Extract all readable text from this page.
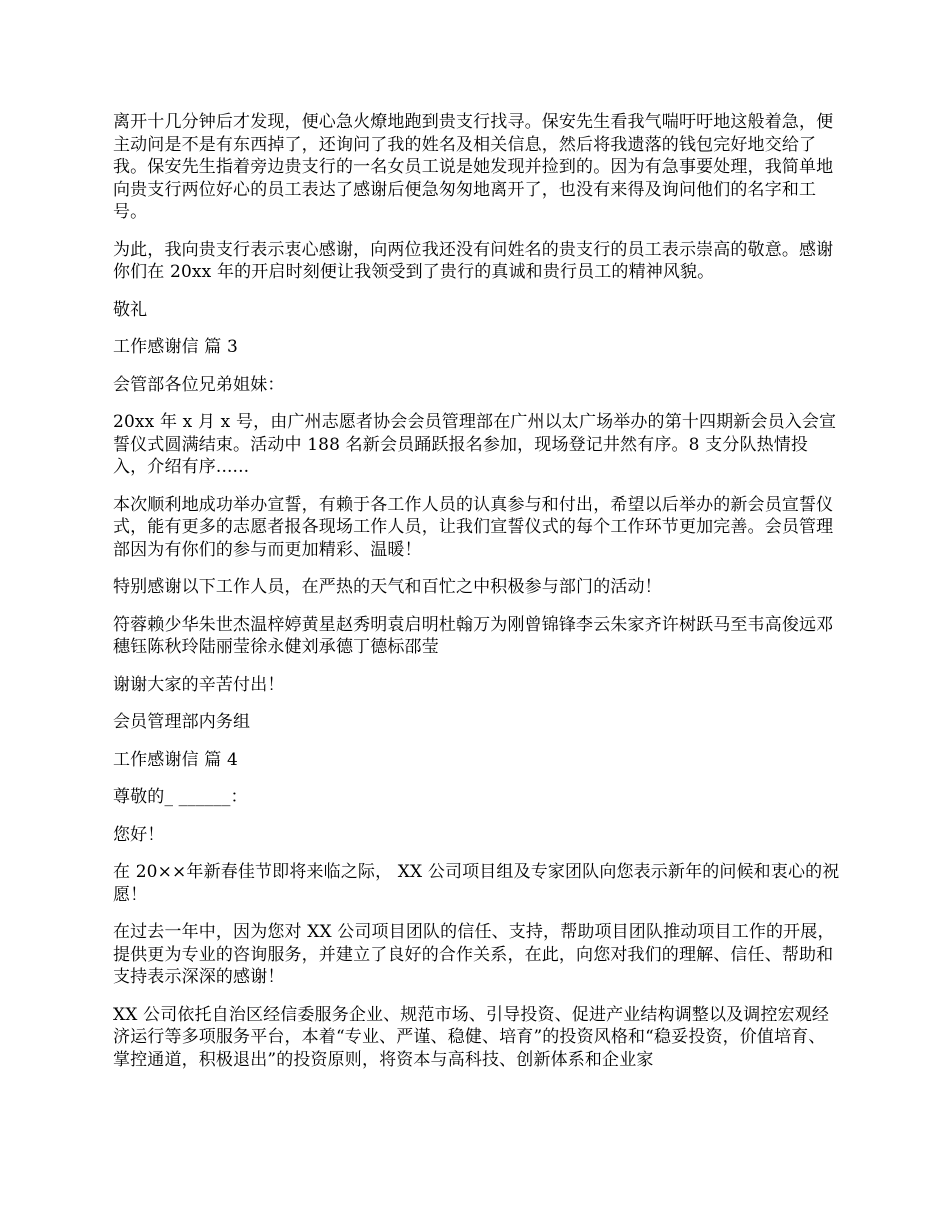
离开十几分钟后才发现，便心急火燎地跑到贵支行找寻。保安先生看我气喘吁吁地这般着急，便主动问是不是有东西掉了，还询问了我的姓名及相关信息，然后将我遗落的钱包完好地交给了我。保安先生指着旁边贵支行的一名女员工说是她发现并捡到的。因为有急事要处理，我简单地向贵支行两位好心的员工表达了感谢后便急匆匆地离开了，也没有来得及询问他们的名字和工号。

为此，我向贵支行表示衷心感谢，向两位我还没有问姓名的贵支行的员工表示崇高的敬意。感谢你们在 20xx 年的开启时刻便让我领受到了贵行的真诚和贵行员工的精神风貌。

敬礼

工作感谢信 篇 3

会管部各位兄弟姐妹：

20xx 年 x 月 x 号，由广州志愿者协会会员管理部在广州以太广场举办的第十四期新会员入会宣誓仪式圆满结束。活动中 188 名新会员踊跃报名参加，现场登记井然有序。8 支分队热情投入，介绍有序......

本次顺利地成功举办宣誓，有赖于各工作人员的认真参与和付出，希望以后举办的新会员宣誓仪式，能有更多的志愿者报各现场工作人员，让我们宣誓仪式的每个工作环节更加完善。会员管理部因为有你们的参与而更加精彩、温暖！

特别感谢以下工作人员，在严热的天气和百忙之中积极参与部门的活动！

符蓉赖少华朱世杰温梓婷黄星赵秀明袁启明杜翰万为刚曾锦锋李云朱家齐许树跃马至韦高俊远邓穗钰陈秋玲陆丽莹徐永健刘承德丁德标邵莹

谢谢大家的辛苦付出！

会员管理部内务组

工作感谢信 篇 4

尊敬的_ ______：

您好！

在 20××年新春佳节即将来临之际， XX 公司项目组及专家团队向您表示新年的问候和衷心的祝愿！

在过去一年中，因为您对 XX 公司项目团队的信任、支持，帮助项目团队推动项目工作的开展，提供更为专业的咨询服务，并建立了良好的合作关系，在此，向您对我们的理解、信任、帮助和支持表示深深的感谢！

XX 公司依托自治区经信委服务企业、规范市场、引导投资、促进产业结构调整以及调控宏观经济运行等多项服务平台，本着“专业、严谨、稳健、培育”的投资风格和“稳妥投资，价值培育、掌控通道，积极退出”的投资原则，将资本与高科技、创新体系和企业家
